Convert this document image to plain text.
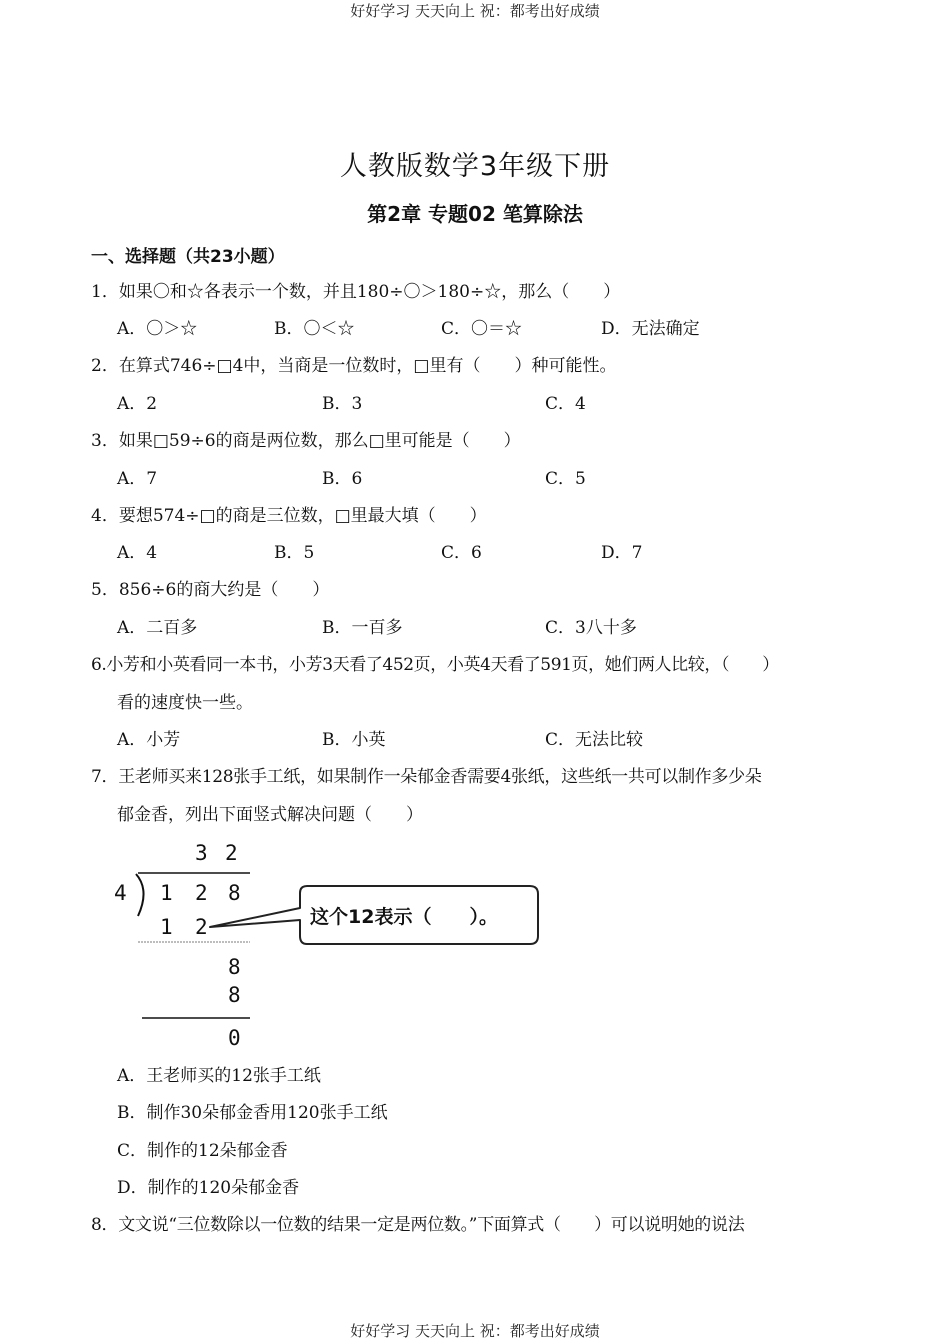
好好学习 天天向上 祝：都考出好成绩
人教版数学3年级下册
第2章 专题02 笔算除法
一、选择题（共23小题）
1．如果〇和☆各表示一个数，并且180÷〇＞180÷☆，那么（　　）
A．〇＞☆	B．〇＜☆	C．〇＝☆	D．无法确定
2．在算式746÷□4中，当商是一位数时，□里有（　　）种可能性。
A．2	B．3	C．4
3．如果□59÷6的商是两位数，那么□里可能是（　　）
A．7	B．6	C．5
4．要想574÷□的商是三位数，□里最大填（　　）
A．4	B．5	C．6	D．7
5．856÷6的商大约是（　　）
A．二百多	B．一百多	C．3八十多
6.小芳和小英看同一本书，小芳3天看了452页，小英4天看了591页，她们两人比较，（　　）
看的速度快一些。
A．小芳	B．小英	C．无法比较
7．王老师买来128张手工纸，如果制作一朵郁金香需要4张纸，这些纸一共可以制作多少朵
郁金香，列出下面竖式解决问题（　　）
3 2
4 1 2 8
1 2
8
8
0
这个12表示（　　）。
A．王老师买的12张手工纸
B．制作30朵郁金香用120张手工纸
C．制作的12朵郁金香
D．制作的120朵郁金香
8．文文说“三位数除以一位数的结果一定是两位数。”下面算式（　　）可以说明她的说法
好好学习 天天向上 祝：都考出好成绩
